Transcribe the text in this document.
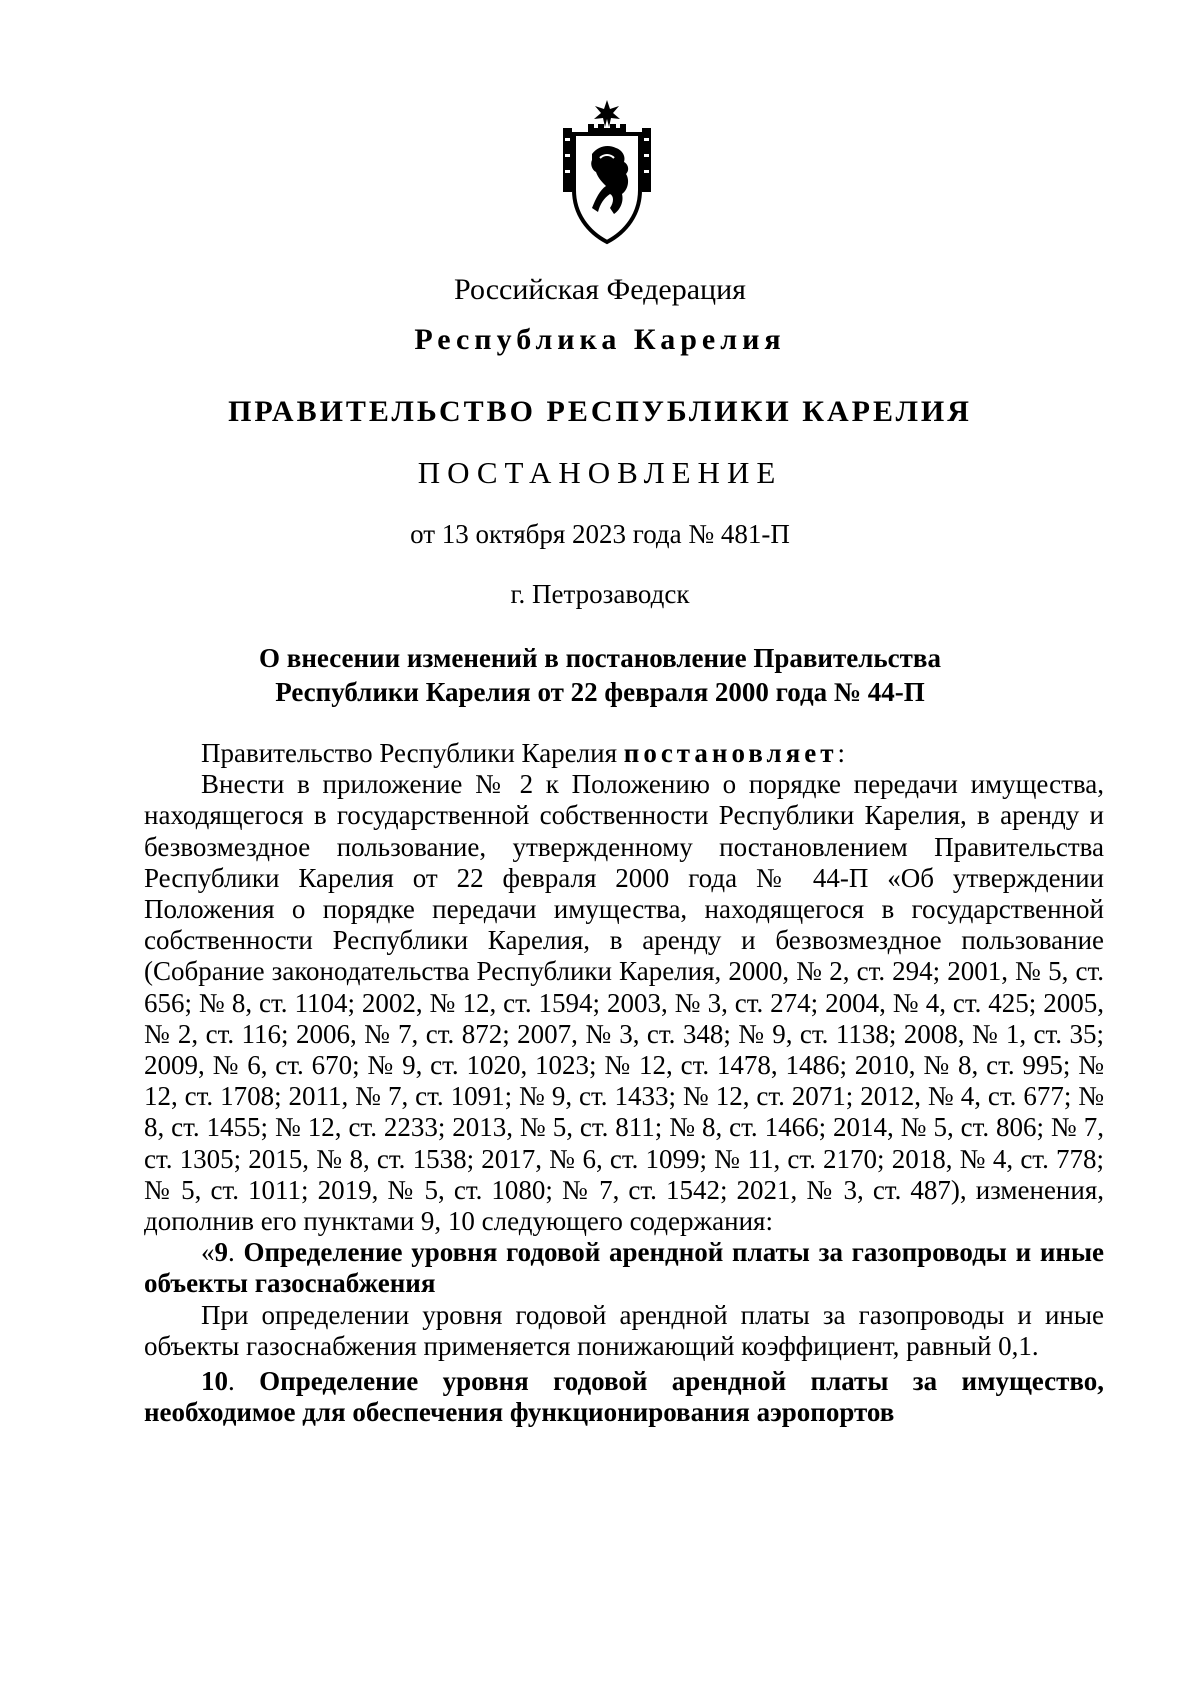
Российская Федерация
Республика Карелия
ПРАВИТЕЛЬСТВО РЕСПУБЛИКИ КАРЕЛИЯ
ПОСТАНОВЛЕНИЕ
от 13 октября 2023 года № 481-П
г. Петрозаводск
О внесении изменений в постановление Правительства
Республики Карелия от 22 февраля 2000 года № 44-П

Правительство Республики Карелия постановляет:

Внести в приложение № 2 к Положению о порядке передачи имущества, находящегося в государственной собственности Республики Карелия, в аренду и безвозмездное пользование, утвержденному постановлением Правительства Республики Карелия от 22 февраля 2000 года № 44-П «Об утверждении Положения о порядке передачи имущества, находящегося в государственной собственности Республики Карелия, в аренду и безвозмездное пользование (Собрание законодательства Республики Карелия, 2000, № 2, ст. 294; 2001, № 5, ст. 656; № 8, ст. 1104; 2002, № 12, ст. 1594; 2003, № 3, ст. 274; 2004, № 4, ст. 425; 2005, № 2, ст. 116; 2006, № 7, ст. 872; 2007, № 3, ст. 348; № 9, ст. 1138; 2008, № 1, ст. 35; 2009, № 6, ст. 670; № 9, ст. 1020, 1023; № 12, ст. 1478, 1486; 2010, № 8, ст. 995; № 12, ст. 1708; 2011, № 7, ст. 1091; № 9, ст. 1433; № 12, ст. 2071; 2012, № 4, ст. 677; № 8, ст. 1455; № 12, ст. 2233; 2013, № 5, ст. 811; № 8, ст. 1466; 2014, № 5, ст. 806; № 7, ст. 1305; 2015, № 8, ст. 1538; 2017, № 6, ст. 1099; № 11, ст. 2170; 2018, № 4, ст. 778; № 5, ст. 1011; 2019, № 5, ст. 1080; № 7, ст. 1542; 2021, № 3, ст. 487), изменения, дополнив его пунктами 9, 10 следующего содержания:

«9. Определение уровня годовой арендной платы за газопроводы и иные объекты газоснабжения

При определении уровня годовой арендной платы за газопроводы и иные объекты газоснабжения применяется понижающий коэффициент, равный 0,1.

10. Определение уровня годовой арендной платы за имущество, необходимое для обеспечения функционирования аэропортов
